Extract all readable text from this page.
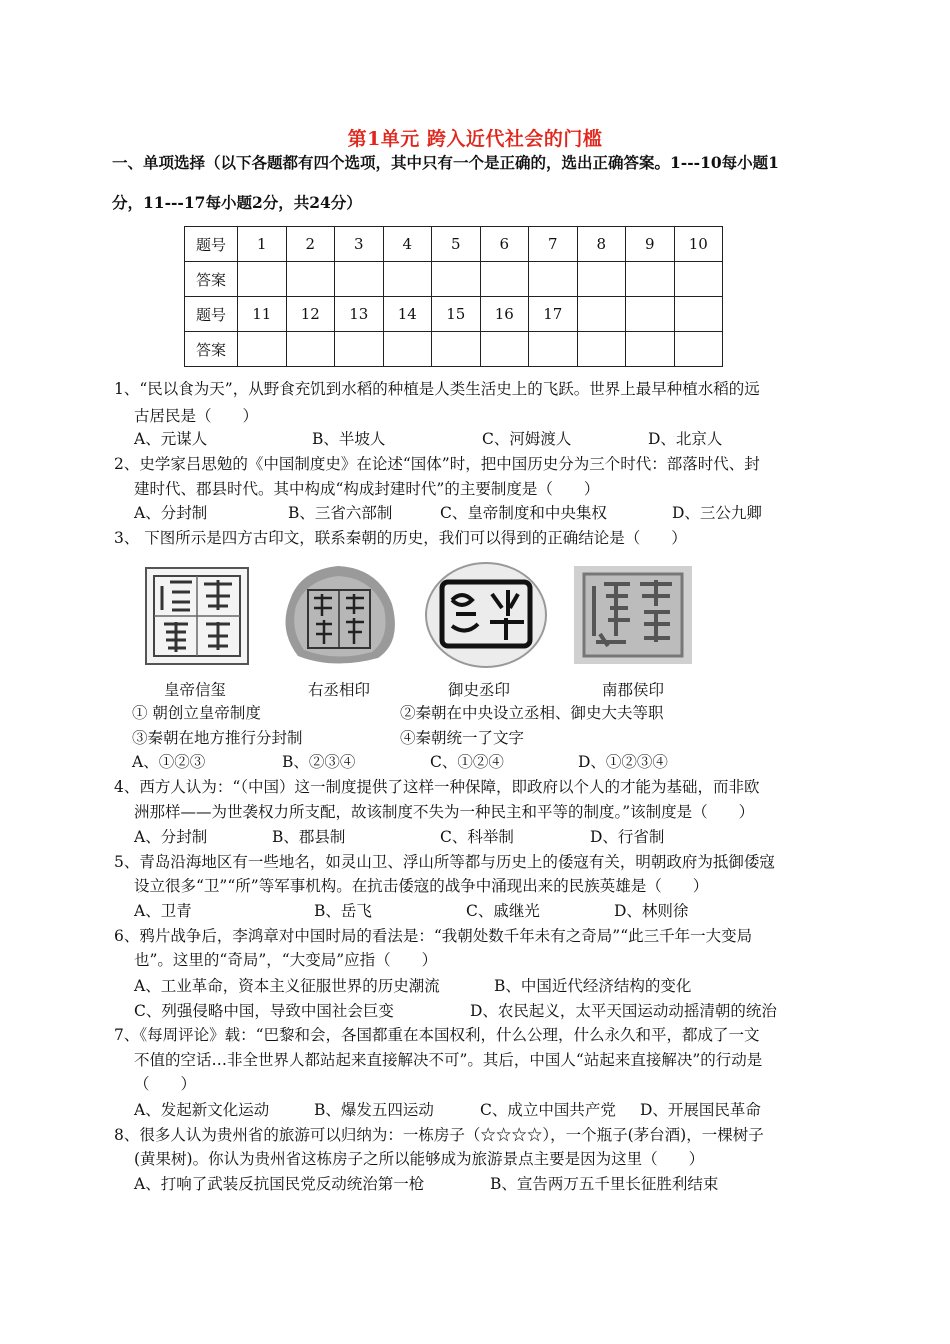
第1单元 跨入近代社会的门槛
一、单项选择（以下各题都有四个选项，其中只有一个是正确的，选出正确答案。1---10每小题1
分，11---17每小题2分，共24分）
题号	1	2	3	4	5	6	7	8	9	10
答案										
题号	11	12	13	14	15	16	17			
答案										
1、“民以食为天”，从野食充饥到水稻的种植是人类生活史上的飞跃。世界上最早种植水稻的远
古居民是（　　）
A、元谋人	B、半坡人	C、河姆渡人	D、北京人
2、史学家吕思勉的《中国制度史》在论述“国体”时，把中国历史分为三个时代：部落时代、封
建时代、郡县时代。其中构成“构成封建时代”的主要制度是（　　）
A、分封制	B、三省六部制	C、皇帝制度和中央集权	D、三公九卿
3、 下图所示是四方古印文，联系秦朝的历史，我们可以得到的正确结论是（　　）
皇帝信玺	右丞相印	御史丞印	南郡侯印
① 朝创立皇帝制度	②秦朝在中央设立丞相、御史大夫等职
③秦朝在地方推行分封制	④秦朝统一了文字
A、①②③	B、②③④	C、①②④	D、①②③④
4、西方人认为：“（中国）这一制度提供了这样一种保障，即政府以个人的才能为基础，而非欧
洲那样——为世袭权力所支配，故该制度不失为一种民主和平等的制度。”该制度是（　　）
A、分封制	B、郡县制	C、科举制	D、行省制
5、青岛沿海地区有一些地名，如灵山卫、浮山所等都与历史上的倭寇有关，明朝政府为抵御倭寇
设立很多“卫”“所”等军事机构。在抗击倭寇的战争中涌现出来的民族英雄是（　　）
A、卫青	B、岳飞	C、戚继光	D、林则徐
6、鸦片战争后，李鸿章对中国时局的看法是：“我朝处数千年未有之奇局”“此三千年一大变局
也”。这里的“奇局”，“大变局”应指（　　）
A、工业革命，资本主义征服世界的历史潮流	B、中国近代经济结构的变化
C、列强侵略中国，导致中国社会巨变	D、农民起义，太平天国运动动摇清朝的统治
7、《每周评论》载：“巴黎和会，各国都重在本国权利，什么公理，什么永久和平，都成了一文
不值的空话…非全世界人都站起来直接解决不可”。其后，中国人“站起来直接解决”的行动是
（　　）
A、发起新文化运动	B、爆发五四运动	C、成立中国共产党 D、开展国民革命
8、很多人认为贵州省的旅游可以归纳为：一栋房子（☆☆☆☆），一个瓶子(茅台酒)，一棵树子
(黄果树)。你认为贵州省这栋房子之所以能够成为旅游景点主要是因为这里（　　）
A、打响了武装反抗国民党反动统治第一枪	B、宣告两万五千里长征胜利结束
